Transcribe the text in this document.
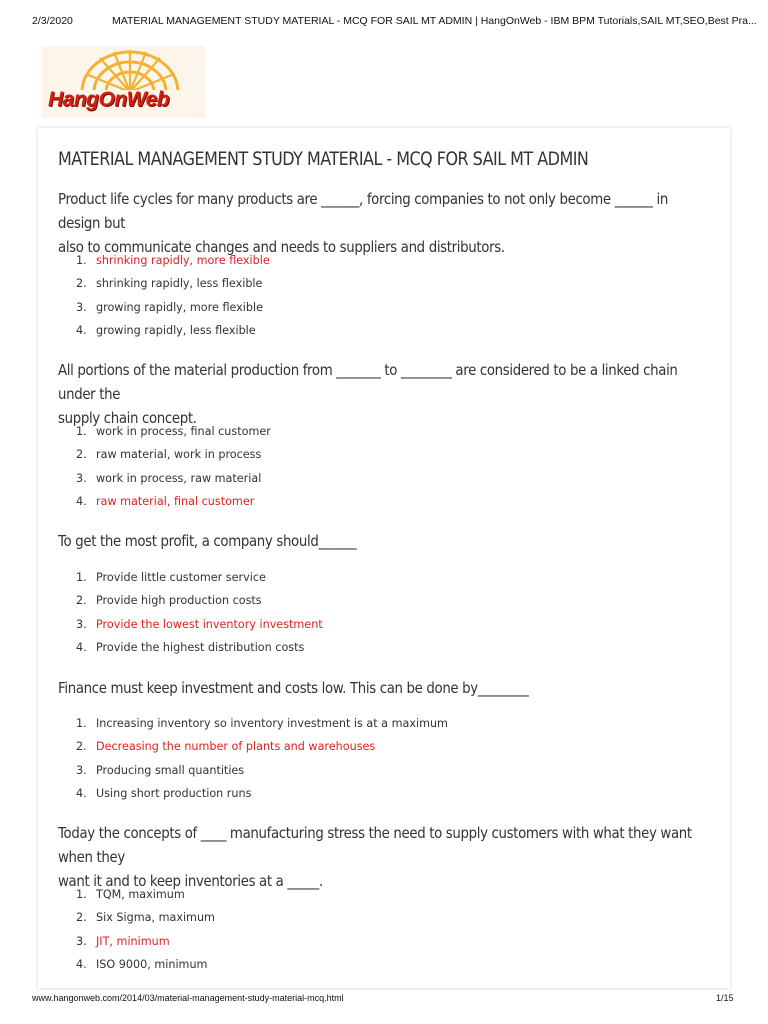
2/3/2020	MATERIAL MANAGEMENT STUDY MATERIAL - MCQ FOR SAIL MT ADMIN | HangOnWeb - IBM BPM Tutorials,SAIL MT,SEO,Best Pra...
HangOnWeb
MATERIAL MANAGEMENT STUDY MATERIAL - MCQ FOR SAIL MT ADMIN
Product life cycles for many products are ______, forcing companies to not only become ______ in design but
also to communicate changes and needs to suppliers and distributors.
1. shrinking rapidly, more flexible
2. shrinking rapidly, less flexible
3. growing rapidly, more flexible
4. growing rapidly, less flexible
All portions of the material production from _______ to ________ are considered to be a linked chain under the
supply chain concept.
1. work in process, final customer
2. raw material, work in process
3. work in process, raw material
4. raw material, final customer
To get the most profit, a company should______
1. Provide little customer service
2. Provide high production costs
3. Provide the lowest inventory investment
4. Provide the highest distribution costs
Finance must keep investment and costs low. This can be done by________
1. Increasing inventory so inventory investment is at a maximum
2. Decreasing the number of plants and warehouses
3. Producing small quantities
4. Using short production runs
Today the concepts of ____ manufacturing stress the need to supply customers with what they want when they
want it and to keep inventories at a _____.
1. TQM, maximum
2. Six Sigma, maximum
3. JIT, minimum
4. ISO 9000, minimum
www.hangonweb.com/2014/03/material-management-study-material-mcq.html	1/15
